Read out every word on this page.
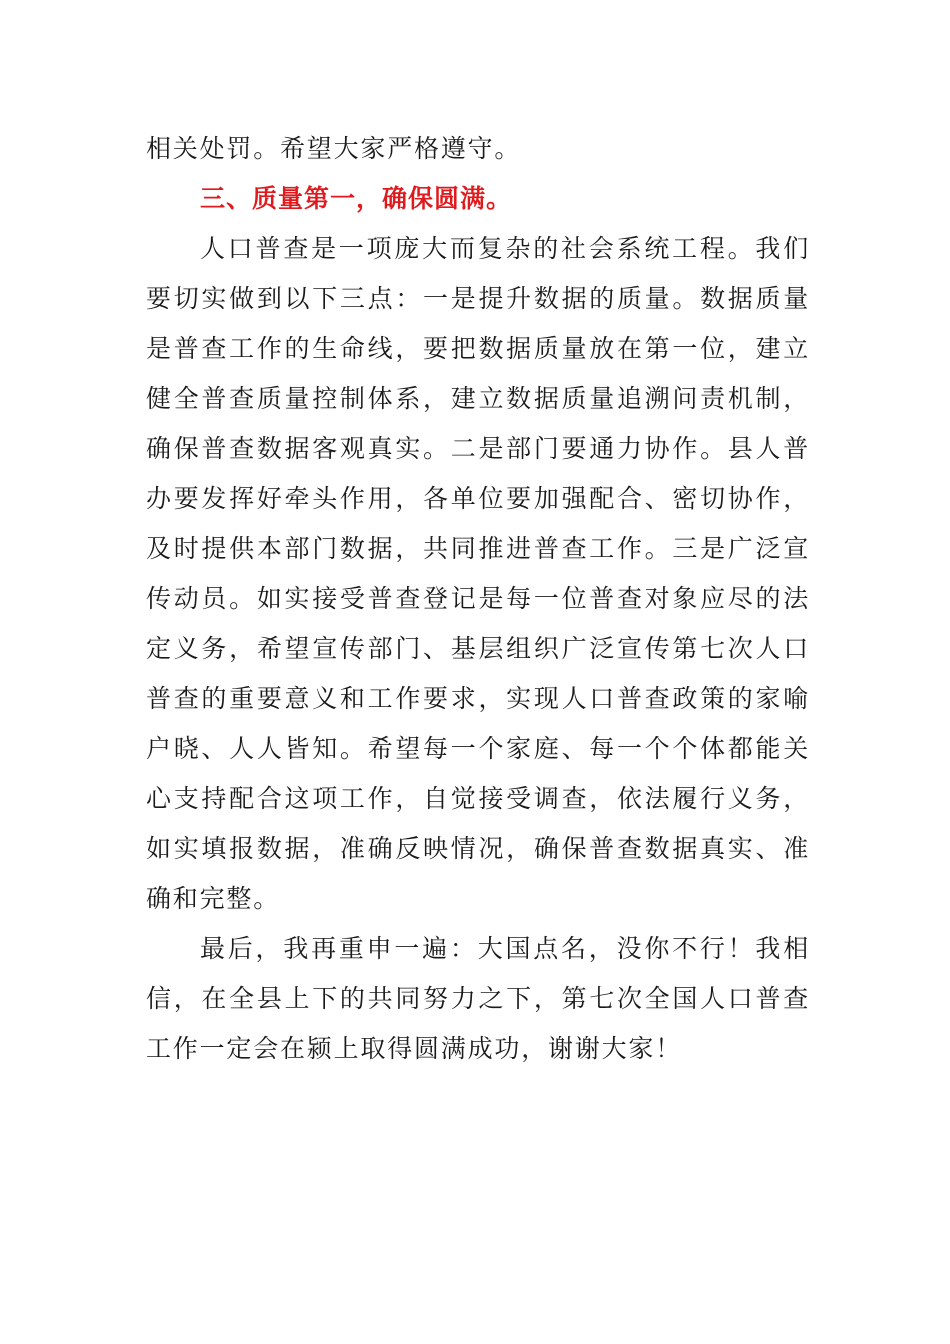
相关处罚。希望大家严格遵守。

三、质量第一，确保圆满。

人口普查是一项庞大而复杂的社会系统工程。我们要切实做到以下三点：一是提升数据的质量。数据质量是普查工作的生命线，要把数据质量放在第一位，建立健全普查质量控制体系，建立数据质量追溯问责机制，确保普查数据客观真实。二是部门要通力协作。县人普办要发挥好牵头作用，各单位要加强配合、密切协作，及时提供本部门数据，共同推进普查工作。三是广泛宣传动员。如实接受普查登记是每一位普查对象应尽的法定义务，希望宣传部门、基层组织广泛宣传第七次人口普查的重要意义和工作要求，实现人口普查政策的家喻户晓、人人皆知。希望每一个家庭、每一个个体都能关心支持配合这项工作，自觉接受调查，依法履行义务，如实填报数据，准确反映情况，确保普查数据真实、准确和完整。

最后，我再重申一遍：大国点名，没你不行！我相信，在全县上下的共同努力之下，第七次全国人口普查工作一定会在颍上取得圆满成功，谢谢大家！
